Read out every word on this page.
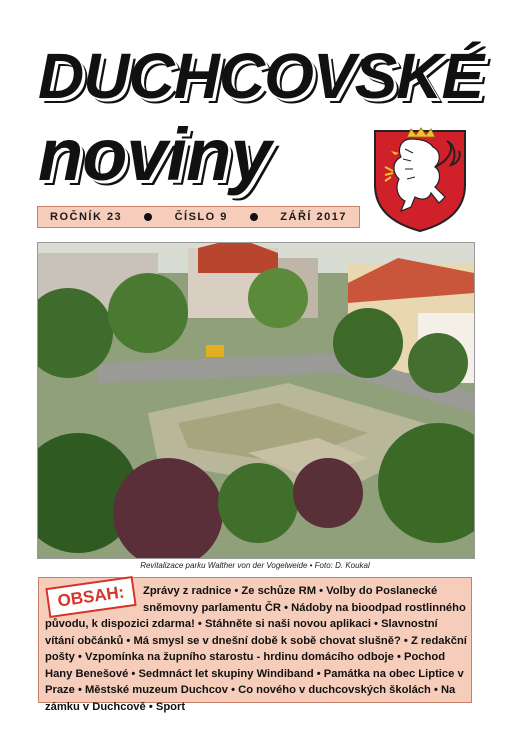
DUCHCOVSKÉ
noviny
ROČNÍK 23	ČÍSLO 9	ZÁŘÍ 2017
Revitalizace parku Walther von der Vogelweide • Foto: D. Koukal
Zprávy z radnice • Ze schůze RM • Volby do Poslanecké sněmovny parlamentu ČR • Nádoby na bioodpad rostlinného původu, k dispozici zdarma! • Stáhněte si naši novou aplikaci • Slavnostní vítání občánků • Má smysl se v dnešní době k sobě chovat slušně? • Z redakční pošty • Vzpomínka na župního starostu - hrdinu domácího odboje • Pochod Hany Benešové • Sedmnáct let skupiny Windiband • Památka na obec Liptice v Praze • Městské muzeum Duchcov • Co nového v duchcovských školách • Na zámku v Duchcově • Sport
OBSAH:
